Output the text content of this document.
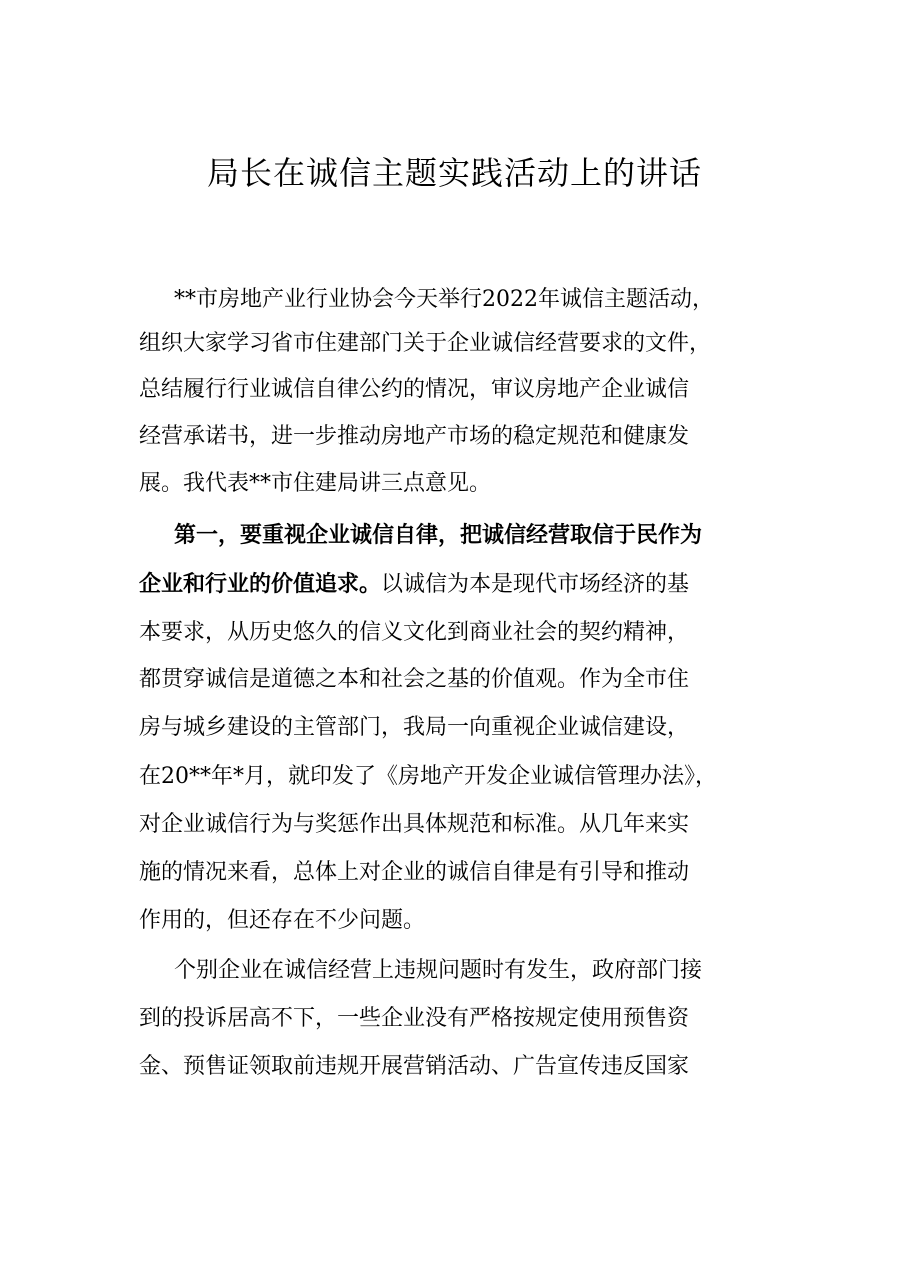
局长在诚信主题实践活动上的讲话

**市房地产业行业协会今天举行2022年诚信主题活动，

组织大家学习省市住建部门关于企业诚信经营要求的文件，

总结履行行业诚信自律公约的情况，审议房地产企业诚信

经营承诺书，进一步推动房地产市场的稳定规范和健康发

展。我代表**市住建局讲三点意见。

第一，要重视企业诚信自律，把诚信经营取信于民作为

企业和行业的价值追求。以诚信为本是现代市场经济的基

本要求，从历史悠久的信义文化到商业社会的契约精神，

都贯穿诚信是道德之本和社会之基的价值观。作为全市住

房与城乡建设的主管部门，我局一向重视企业诚信建设，

在20**年*月，就印发了《房地产开发企业诚信管理办法》，

对企业诚信行为与奖惩作出具体规范和标准。从几年来实

施的情况来看，总体上对企业的诚信自律是有引导和推动

作用的，但还存在不少问题。

个别企业在诚信经营上违规问题时有发生，政府部门接

到的投诉居高不下，一些企业没有严格按规定使用预售资

金、预售证领取前违规开展营销活动、广告宣传违反国家
